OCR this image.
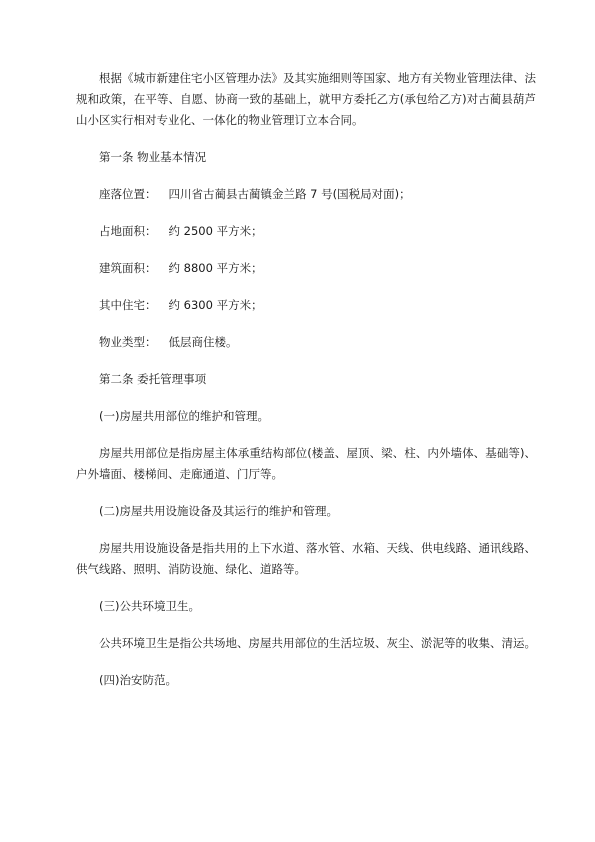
根据《城市新建住宅小区管理办法》及其实施细则等国家、地方有关物业管理法律、法规和政策，在平等、自愿、协商一致的基础上，就甲方委托乙方(承包给乙方)对古蔺县葫芦山小区实行相对专业化、一体化的物业管理订立本合同。

第一条 物业基本情况

座落位置： 四川省古蔺县古蔺镇金兰路 7 号(国税局对面)；

占地面积： 约 2500 平方米；

建筑面积： 约 8800 平方米；

其中住宅： 约 6300 平方米；

物业类型： 低层商住楼。

第二条 委托管理事项

(一)房屋共用部位的维护和管理。

房屋共用部位是指房屋主体承重结构部位(楼盖、屋顶、梁、柱、内外墙体、基础等)、户外墙面、楼梯间、走廊通道、门厅等。

(二)房屋共用设施设备及其运行的维护和管理。

房屋共用设施设备是指共用的上下水道、落水管、水箱、天线、供电线路、通讯线路、供气线路、照明、消防设施、绿化、道路等。

(三)公共环境卫生。

公共环境卫生是指公共场地、房屋共用部位的生活垃圾、灰尘、淤泥等的收集、清运。

(四)治安防范。
